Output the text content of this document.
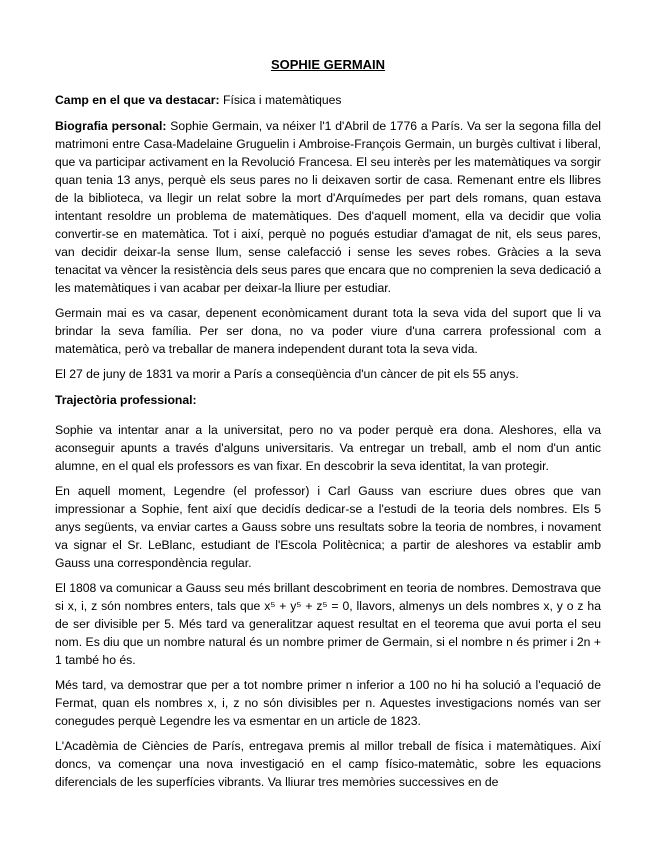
SOPHIE GERMAIN

Camp en el que va destacar: Física i matemàtiques

Biografia personal: Sophie Germain, va néixer l'1 d'Abril de 1776 a París. Va ser la segona filla del matrimoni entre Casa-Madelaine Gruguelin i Ambroise-François Germain, un burgès cultivat i liberal, que va participar activament en la Revolució Francesa. El seu interès per les matemàtiques va sorgir quan tenia 13 anys, perquè els seus pares no li deixaven sortir de casa. Remenant entre els llibres de la biblioteca, va llegir un relat sobre la mort d'Arquímedes per part dels romans, quan estava intentant resoldre un problema de matemàtiques. Des d'aquell moment, ella va decidir que volia convertir-se en matemàtica. Tot i així, perquè no pogués estudiar d'amagat de nit, els seus pares, van decidir deixar-la sense llum, sense calefacció i sense les seves robes. Gràcies a la seva tenacitat va vèncer la resistència dels seus pares que encara que no comprenien la seva dedicació a les matemàtiques i van acabar per deixar-la lliure per estudiar.

Germain mai es va casar, depenent econòmicament durant tota la seva vida del suport que li va brindar la seva família. Per ser dona, no va poder viure d'una carrera professional com a matemàtica, però va treballar de manera independent durant tota la seva vida.

El 27 de juny de 1831 va morir a París a conseqüència d'un càncer de pit els 55 anys.

Trajectòria professional:

Sophie va intentar anar a la universitat, pero no va poder perquè era dona. Aleshores, ella va aconseguir apunts a través d'alguns universitaris. Va entregar un treball, amb el nom d'un antic alumne, en el qual els professors es van fixar. En descobrir la seva identitat, la van protegir.

En aquell moment, Legendre (el professor) i Carl Gauss van escriure dues obres que van impressionar a Sophie, fent així que decidís dedicar-se a l'estudi de la teoria dels nombres. Els 5 anys següents, va enviar cartes a Gauss sobre uns resultats sobre la teoria de nombres, i novament va signar el Sr. LeBlanc, estudiant de l'Escola Politècnica; a partir de aleshores va establir amb Gauss una correspondència regular.

El 1808 va comunicar a Gauss seu més brillant descobriment en teoria de nombres. Demostrava que si x, i, z són nombres enters, tals que x⁵ + y⁵ + z⁵ = 0, llavors, almenys un dels nombres x, y o z ha de ser divisible per 5. Més tard va generalitzar aquest resultat en el teorema que avui porta el seu nom. Es diu que un nombre natural és un nombre primer de Germain, si el nombre n és primer i 2n + 1 també ho és.

Més tard, va demostrar que per a tot nombre primer n inferior a 100 no hi ha solució a l'equació de Fermat, quan els nombres x, i, z no són divisibles per n. Aquestes investigacions només van ser conegudes perquè Legendre les va esmentar en un article de 1823.

L'Acadèmia de Ciències de París, entregava premis al millor treball de física i matemàtiques. Així doncs, va començar una nova investigació en el camp físico-matemàtic, sobre les equacions diferencials de les superfícies vibrants. Va lliurar tres memòries successives en de
